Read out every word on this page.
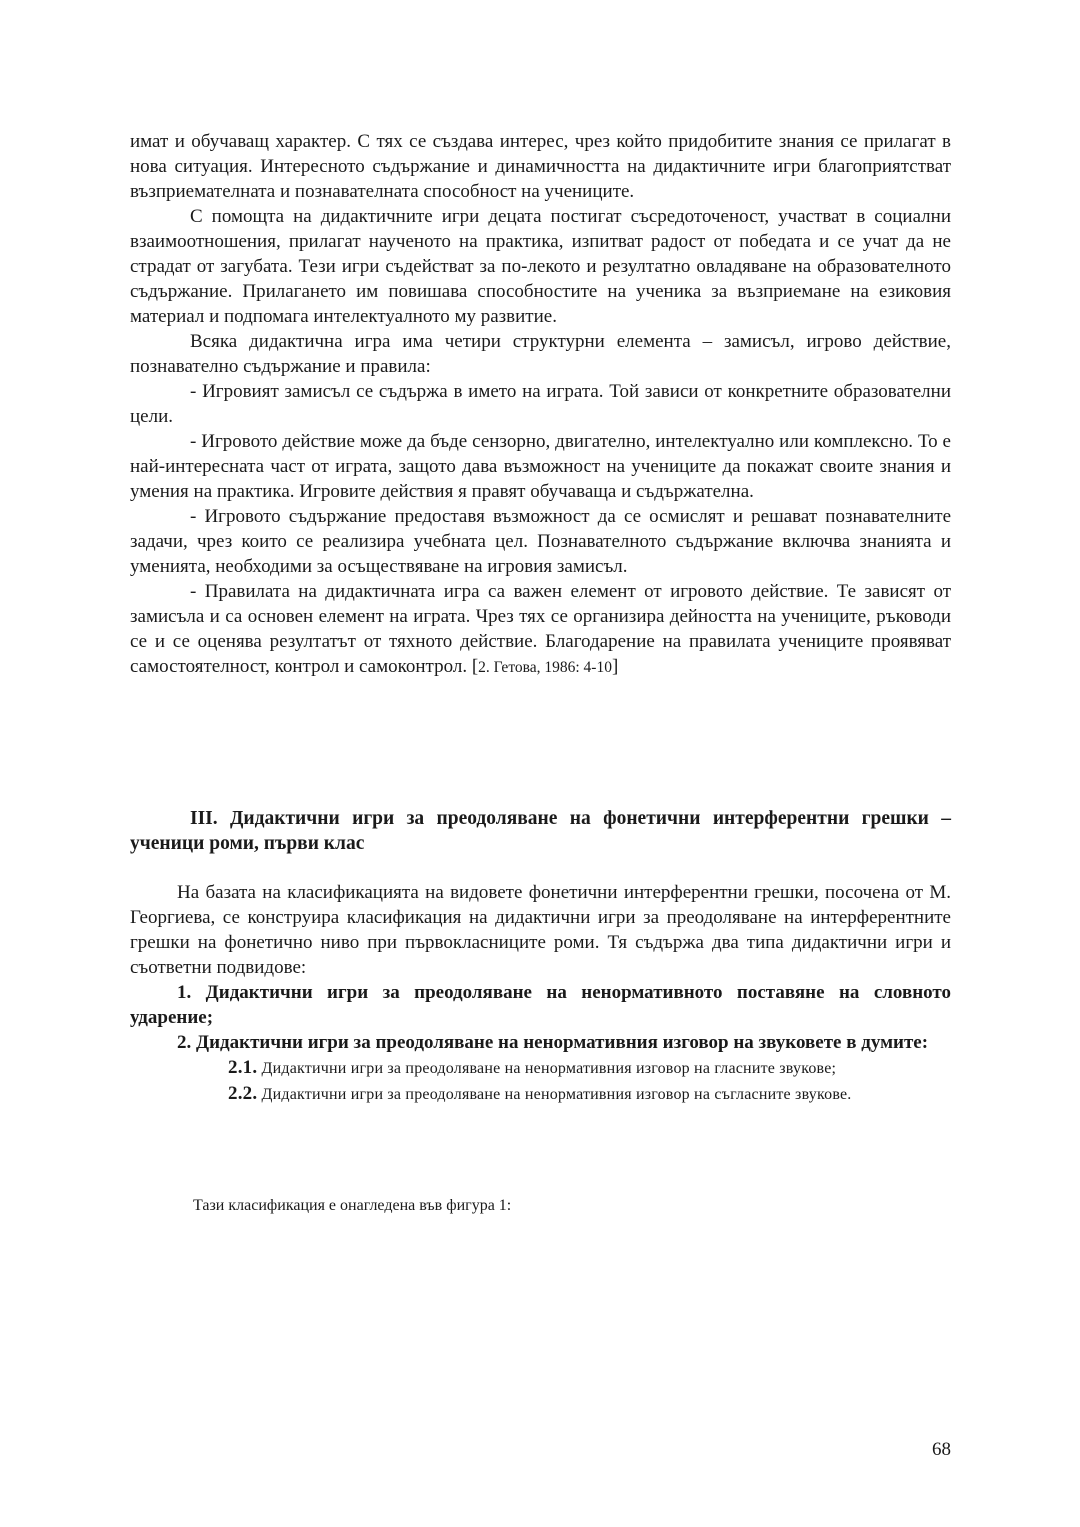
имат и обучаващ характер. С тях се създава интерес, чрез който придобитите знания се прилагат в нова ситуация. Интересното съдържание и динамичността на дидактичните игри благоприятстват възприемателната и познавателната способност на учениците.

С помощта на дидактичните игри децата постигат съсредоточеност, участват в социални взаимоотношения, прилагат наученото на практика, изпитват радост от победата и се учат да не страдат от загубата. Тези игри съдействат за по-лекото и резултатно овладяване на образователното съдържание. Прилагането им повишава способностите на ученика за възприемане на езиковия материал и подпомага интелектуалното му развитие.

Всяка дидактична игра има четири структурни елемента – замисъл, игрово действие, познавателно съдържание и правила:

- Игровият замисъл се съдържа в името на играта. Той зависи от конкретните образователни цели.

- Игровото действие може да бъде сензорно, двигателно, интелектуално или комплексно. То е най-интересната част от играта, защото дава възможност на учениците да покажат своите знания и умения на практика. Игровите действия я правят обучаваща и съдържателна.

- Игровото съдържание предоставя възможност да се осмислят и решават познавателните задачи, чрез които се реализира учебната цел. Познавателното съдържание включва знанията и уменията, необходими за осъществяване на игровия замисъл.

- Правилата на дидактичната игра са важен елемент от игровото действие. Те зависят от замисъла и са основен елемент на играта. Чрез тях се организира дейността на учениците, ръководи се и се оценява резултатът от тяхното действие. Благодарение на правилата учениците проявяват самостоятелност, контрол и самоконтрол. [2. Гетова, 1986: 4-10]

III. Дидактични игри за преодоляване на фонетични интерферентни грешки – ученици роми, първи клас

На базата на класификацията на видовете фонетични интерферентни грешки, посочена от М. Георгиева, се конструира класификация на дидактични игри за преодоляване на интерферентните грешки на фонетично ниво при първокласниците роми. Тя съдържа два типа дидактични игри и съответни подвидове:

1. Дидактични игри за преодоляване на ненормативното поставяне на словното ударение;

2. Дидактични игри за преодоляване на ненормативния изговор на звуковете в думите:

2.1. Дидактични игри за преодоляване на ненормативния изговор на гласните звукове;

2.2. Дидактични игри за преодоляване на ненормативния изговор на съгласните звукове.

Тази класификация е онагледена във фигура 1:
68
